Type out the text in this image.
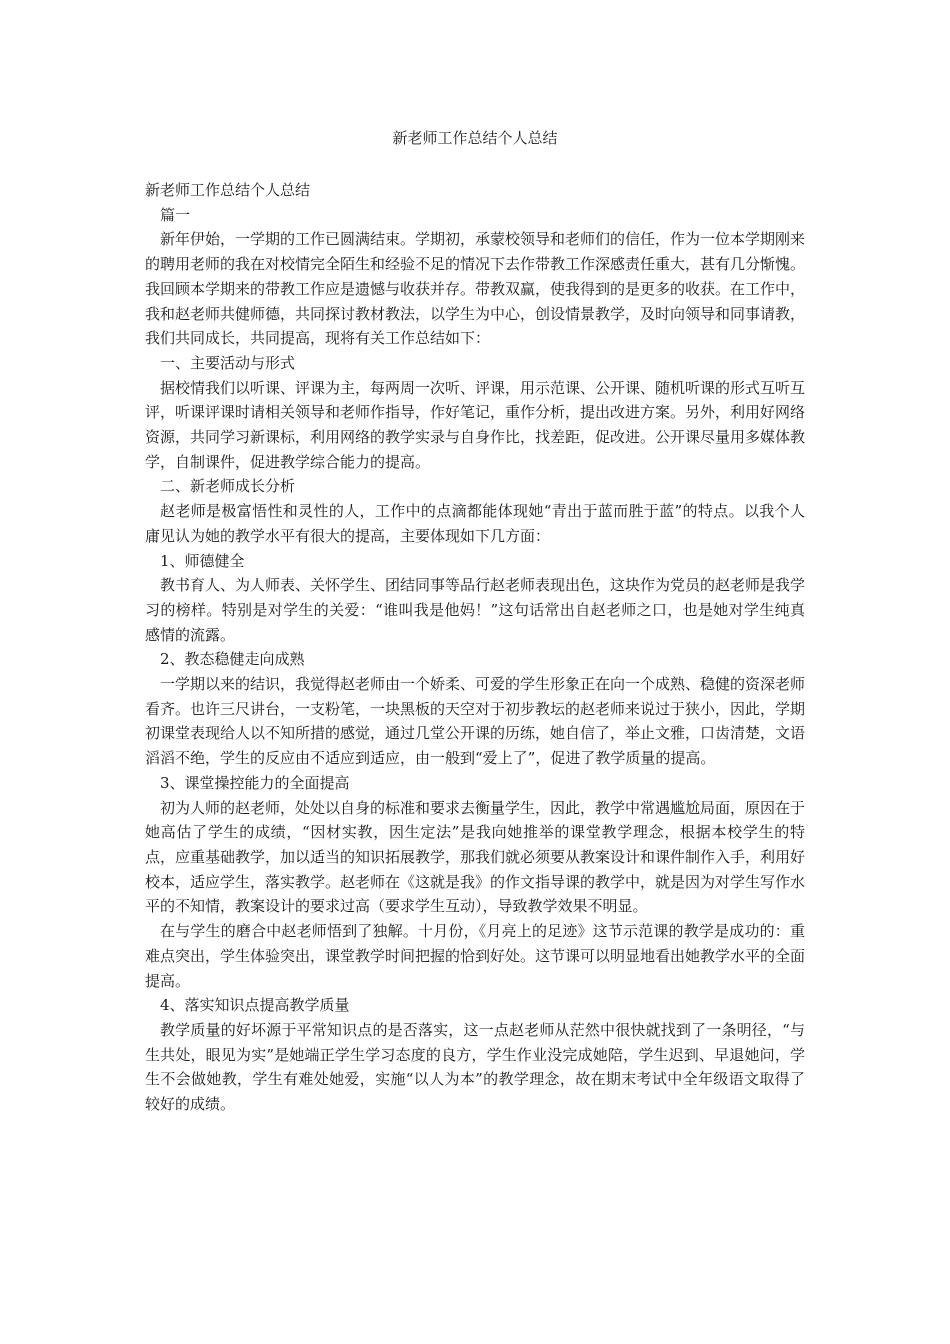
新老师工作总结个人总结

新老师工作总结个人总结

篇一

新年伊始，一学期的工作已圆满结束。学期初，承蒙校领导和老师们的信任，作为一位本学期刚来的聘用老师的我在对校情完全陌生和经验不足的情况下去作带教工作深感责任重大，甚有几分惭愧。我回顾本学期来的带教工作应是遗憾与收获并存。带教双赢，使我得到的是更多的收获。在工作中，我和赵老师共健师德，共同探讨教材教法，以学生为中心，创设情景教学，及时向领导和同事请教，我们共同成长，共同提高，现将有关工作总结如下：

一、主要活动与形式

据校情我们以听课、评课为主，每两周一次听、评课，用示范课、公开课、随机听课的形式互听互评，听课评课时请相关领导和老师作指导，作好笔记，重作分析，提出改进方案。另外，利用好网络资源，共同学习新课标，利用网络的教学实录与自身作比，找差距，促改进。公开课尽量用多媒体教学，自制课件，促进教学综合能力的提高。

二、新老师成长分析

赵老师是极富悟性和灵性的人，工作中的点滴都能体现她“青出于蓝而胜于蓝”的特点。以我个人庸见认为她的教学水平有很大的提高，主要体现如下几方面：

1、师德健全

教书育人、为人师表、关怀学生、团结同事等品行赵老师表现出色，这块作为党员的赵老师是我学习的榜样。特别是对学生的关爱：“谁叫我是他妈！”这句话常出自赵老师之口，也是她对学生纯真感情的流露。

2、教态稳健走向成熟

一学期以来的结识，我觉得赵老师由一个娇柔、可爱的学生形象正在向一个成熟、稳健的资深老师看齐。也许三尺讲台，一支粉笔，一块黑板的天空对于初步教坛的赵老师来说过于狭小，因此，学期初课堂表现给人以不知所措的感觉，通过几堂公开课的历练，她自信了，举止文雅，口齿清楚，文语滔滔不绝，学生的反应由不适应到适应，由一般到“爱上了”，促进了教学质量的提高。

3、课堂操控能力的全面提高

初为人师的赵老师，处处以自身的标准和要求去衡量学生，因此，教学中常遇尴尬局面，原因在于她高估了学生的成绩，“因材实教，因生定法”是我向她推举的课堂教学理念，根据本校学生的特点，应重基础教学，加以适当的知识拓展教学，那我们就必须要从教案设计和课件制作入手，利用好校本，适应学生，落实教学。赵老师在《这就是我》的作文指导课的教学中，就是因为对学生写作水平的不知情，教案设计的要求过高（要求学生互动），导致教学效果不明显。

在与学生的磨合中赵老师悟到了独解。十月份，《月亮上的足迹》这节示范课的教学是成功的：重难点突出，学生体验突出，课堂教学时间把握的恰到好处。这节课可以明显地看出她教学水平的全面提高。

4、落实知识点提高教学质量

教学质量的好坏源于平常知识点的是否落实，这一点赵老师从茫然中很快就找到了一条明径，“与生共处，眼见为实”是她端正学生学习态度的良方，学生作业没完成她陪，学生迟到、早退她问，学生不会做她教，学生有难处她爱，实施“以人为本”的教学理念，故在期末考试中全年级语文取得了较好的成绩。
